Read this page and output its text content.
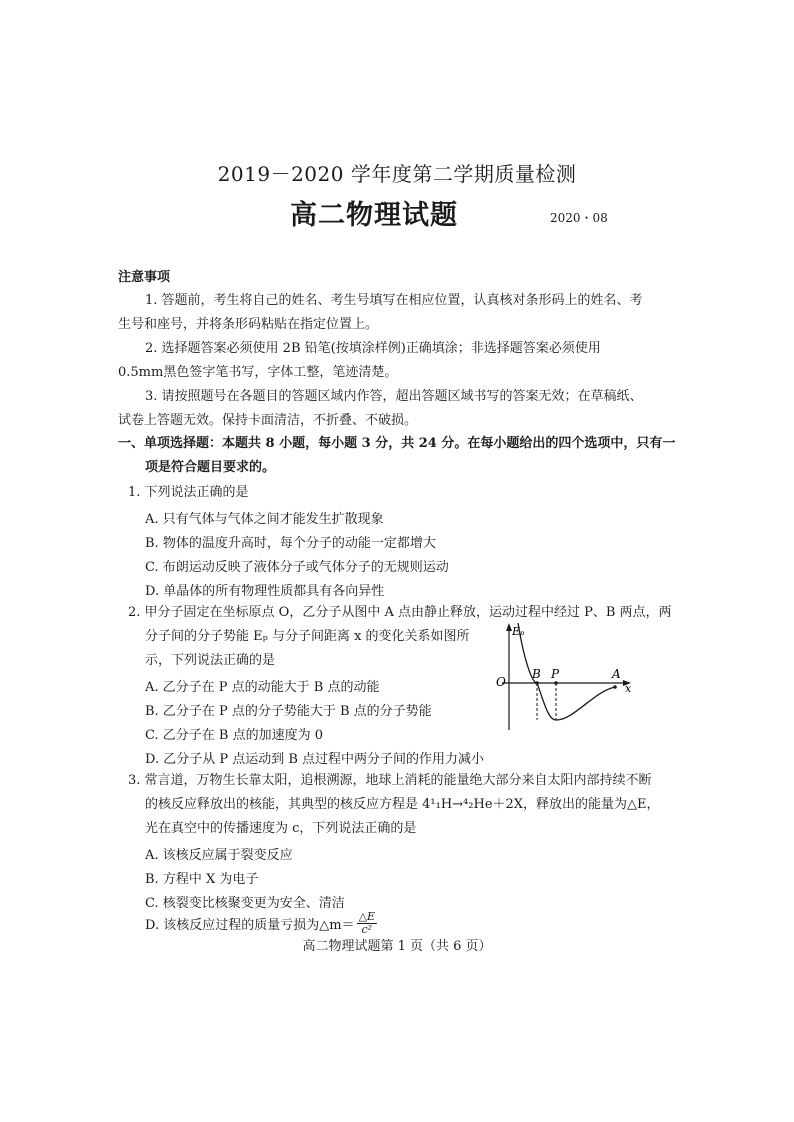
2019－2020 学年度第二学期质量检测
高二物理试题	2020・08
注意事项
1. 答题前，考生将自己的姓名、考生号填写在相应位置，认真核对条形码上的姓名、考
生号和座号，并将条形码粘贴在指定位置上。
2. 选择题答案必须使用 2B 铅笔(按填涂样例)正确填涂；非选择题答案必须使用
0.5mm黑色签字笔书写，字体工整，笔迹清楚。
3. 请按照题号在各题目的答题区域内作答，超出答题区域书写的答案无效；在草稿纸、
试卷上答题无效。保持卡面清洁，不折叠、不破损。
一、单项选择题：本题共 8 小题，每小题 3 分，共 24 分。在每小题给出的四个选项中，只有一
项是符合题目要求的。
1. 下列说法正确的是
A. 只有气体与气体之间才能发生扩散现象
B. 物体的温度升高时，每个分子的动能一定都增大
C. 布朗运动反映了液体分子或气体分子的无规则运动
D. 单晶体的所有物理性质都具有各向异性
2. 甲分子固定在坐标原点 O，乙分子从图中 A 点由静止释放，运动过程中经过 P、B 两点，两
分子间的分子势能 Eₚ 与分子间距离 x 的变化关系如图所
示，下列说法正确的是
A. 乙分子在 P 点的动能大于 B 点的动能
B. 乙分子在 P 点的分子势能大于 B 点的分子势能
C. 乙分子在 B 点的加速度为 0
D. 乙分子从 P 点运动到 B 点过程中两分子间的作用力减小
Eₚ
x
O
B P	A
3. 常言道，万物生长靠太阳，追根溯源，地球上消耗的能量绝大部分来自太阳内部持续不断
的核反应释放出的核能，其典型的核反应方程是 4¹₁H→⁴₂He＋2X，释放出的能量为△E，
光在真空中的传播速度为 c，下列说法正确的是
A. 该核反应属于裂变反应
B. 方程中 X 为电子
C. 核裂变比核聚变更为安全、清洁
D. 该核反应过程的质量亏损为△m＝ $\frac{\triangle E}{\text{c²}}$
高二物理试题第 1 页（共 6 页）
